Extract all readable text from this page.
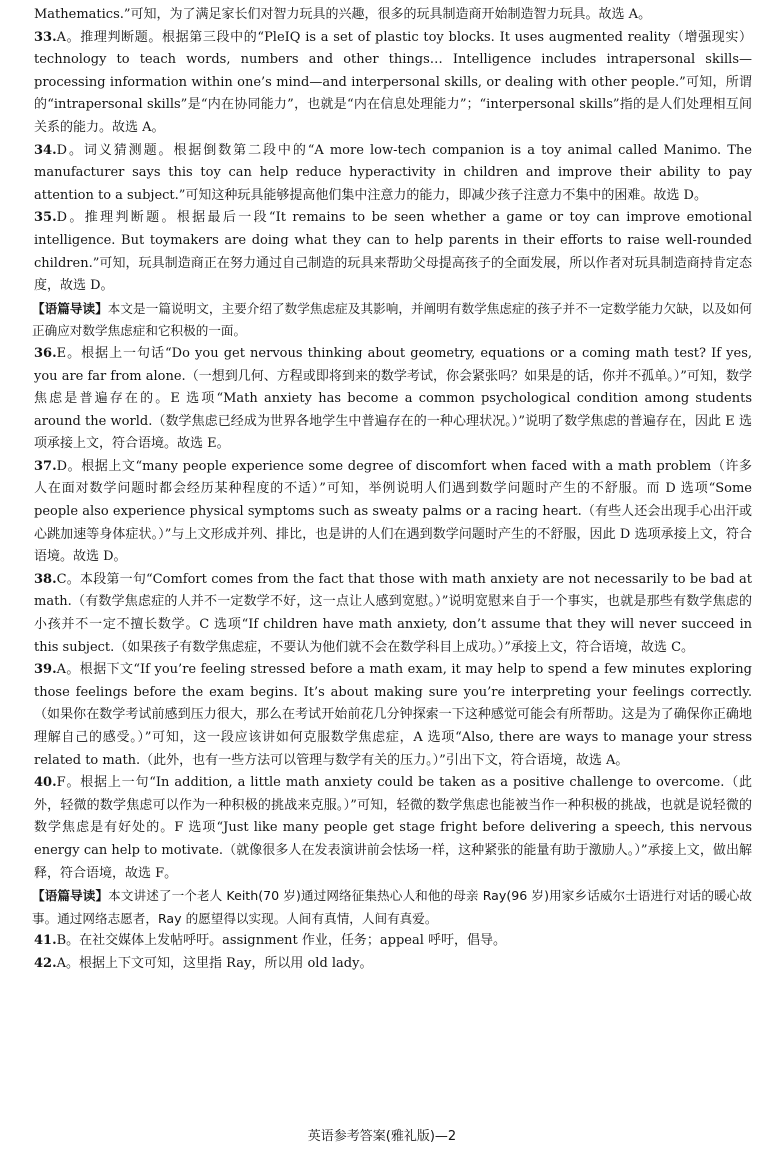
Mathematics.”可知，为了满足家长们对智力玩具的兴趣，很多的玩具制造商开始制造智力玩具。故选 A。

33.A。推理判断题。根据第三段中的“PleIQ is a set of plastic toy blocks. It uses augmented reality（增强现实）technology to teach words, numbers and other things… Intelligence includes intrapersonal skills—processing information within one’s mind—and interpersonal skills, or dealing with other people.”可知，所谓的“intrapersonal skills”是“内在协同能力”，也就是“内在信息处理能力”；“interpersonal skills”指的是人们处理相互间关系的能力。故选 A。

34.D。词义猜测题。根据倒数第二段中的“A more low-tech companion is a toy animal called Manimo. The manufacturer says this toy can help reduce hyperactivity in children and improve their ability to pay attention to a subject.”可知这种玩具能够提高他们集中注意力的能力，即减少孩子注意力不集中的困难。故选 D。

35.D。推理判断题。根据最后一段“It remains to be seen whether a game or toy can improve emotional intelligence. But toymakers are doing what they can to help parents in their efforts to raise well-rounded children.”可知，玩具制造商正在努力通过自己制造的玩具来帮助父母提高孩子的全面发展，所以作者对玩具制造商持肯定态度，故选 D。

【语篇导读】本文是一篇说明文，主要介绍了数学焦虑症及其影响，并阐明有数学焦虑症的孩子并不一定数学能力欠缺，以及如何正确应对数学焦虑症和它积极的一面。

36.E。根据上一句话“Do you get nervous thinking about geometry, equations or a coming math test? If yes, you are far from alone.（一想到几何、方程或即将到来的数学考试，你会紧张吗？如果是的话，你并不孤单。）”可知，数学焦虑是普遍存在的。E 选项“Math anxiety has become a common psychological condition among students around the world.（数学焦虑已经成为世界各地学生中普遍存在的一种心理状况。）”说明了数学焦虑的普遍存在，因此 E 选项承接上文，符合语境。故选 E。

37.D。根据上文“many people experience some degree of discomfort when faced with a math problem（许多人在面对数学问题时都会经历某种程度的不适）”可知，举例说明人们遇到数学问题时产生的不舒服。而 D 选项“Some people also experience physical symptoms such as sweaty palms or a racing heart.（有些人还会出现手心出汗或心跳加速等身体症状。）”与上文形成并列、排比，也是讲的人们在遇到数学问题时产生的不舒服，因此 D 选项承接上文，符合语境。故选 D。

38.C。本段第一句“Comfort comes from the fact that those with math anxiety are not necessarily to be bad at math.（有数学焦虑症的人并不一定数学不好，这一点让人感到宽慰。）”说明宽慰来自于一个事实，也就是那些有数学焦虑的小孩并不一定不擅长数学。C 选项“If children have math anxiety, don’t assume that they will never succeed in this subject.（如果孩子有数学焦虑症，不要认为他们就不会在数学科目上成功。）”承接上文，符合语境，故选 C。

39.A。根据下文“If you’re feeling stressed before a math exam, it may help to spend a few minutes exploring those feelings before the exam begins. It’s about making sure you’re interpreting your feelings correctly.（如果你在数学考试前感到压力很大，那么在考试开始前花几分钟探索一下这种感觉可能会有所帮助。这是为了确保你正确地理解自己的感受。）”可知，这一段应该讲如何克服数学焦虑症，A 选项“Also, there are ways to manage your stress related to math.（此外，也有一些方法可以管理与数学有关的压力。）”引出下文，符合语境，故选 A。

40.F。根据上一句“In addition, a little math anxiety could be taken as a positive challenge to overcome.（此外，轻微的数学焦虑可以作为一种积极的挑战来克服。）”可知，轻微的数学焦虑也能被当作一种积极的挑战，也就是说轻微的数学焦虑是有好处的。F 选项“Just like many people get stage fright before delivering a speech, this nervous energy can help to motivate.（就像很多人在发表演讲前会怯场一样，这种紧张的能量有助于激励人。）”承接上文，做出解释，符合语境，故选 F。

【语篇导读】本文讲述了一个老人 Keith(70 岁)通过网络征集热心人和他的母亲 Ray(96 岁)用家乡话威尔士语进行对话的暖心故事。通过网络志愿者，Ray 的愿望得以实现。人间有真情，人间有真爱。

41.B。在社交媒体上发帖呼吁。assignment 作业，任务；appeal 呼吁，倡导。

42.A。根据上下文可知，这里指 Ray，所以用 old lady。

英语参考答案(雅礼版)—2
